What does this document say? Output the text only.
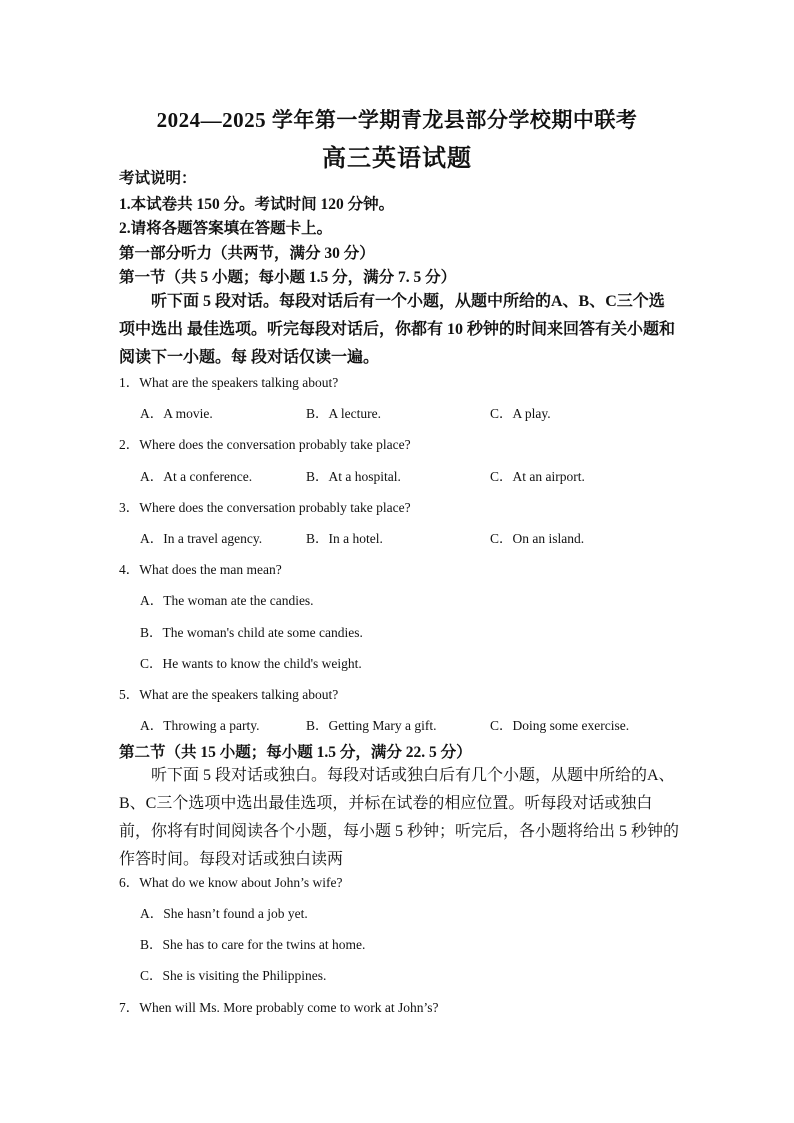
2024—2025 学年第一学期青龙县部分学校期中联考
高三英语试题
考试说明：
1.本试卷共 150 分。考试时间 120 分钟。
2.请将各题答案填在答题卡上。
第一部分听力（共两节，满分 30 分）
第一节（共 5 小题；每小题 1.5 分，满分 7. 5 分）
听下面 5 段对话。每段对话后有一个小题，从题中所给的A、B、C三个选项中选出 最佳选项。听完每段对话后，你都有 10 秒钟的时间来回答有关小题和阅读下一小题。每 段对话仅读一遍。
1．What are the speakers talking about?
A．A movie.	B．A lecture.	C．A play.
2．Where does the conversation probably take place?
A．At a conference.	B．At a hospital.	C．At an airport.
3．Where does the conversation probably take place?
A．In a travel agency.	B．In a hotel.	C．On an island.
4．What does the man mean?
A．The woman ate the candies.
B．The woman's child ate some candies.
C．He wants to know the child's weight.
5．What are the speakers talking about?
A．Throwing a party.	B．Getting Mary a gift.	C．Doing some exercise.
第二节（共 15 小题；每小题 1.5 分，满分 22. 5 分）
听下面 5 段对话或独白。每段对话或独白后有几个小题，从题中所给的A、B、C三个选项中选出最佳选项，并标在试卷的相应位置。听每段对话或独白前，你将有时间阅读各个小题，每小题 5 秒钟；听完后，各小题将给出 5 秒钟的作答时间。每段对话或独白读两
6．What do we know about John’s wife?
A．She hasn’t found a job yet.
B．She has to care for the twins at home.
C．She is visiting the Philippines.
7．When will Ms. More probably come to work at John’s?
